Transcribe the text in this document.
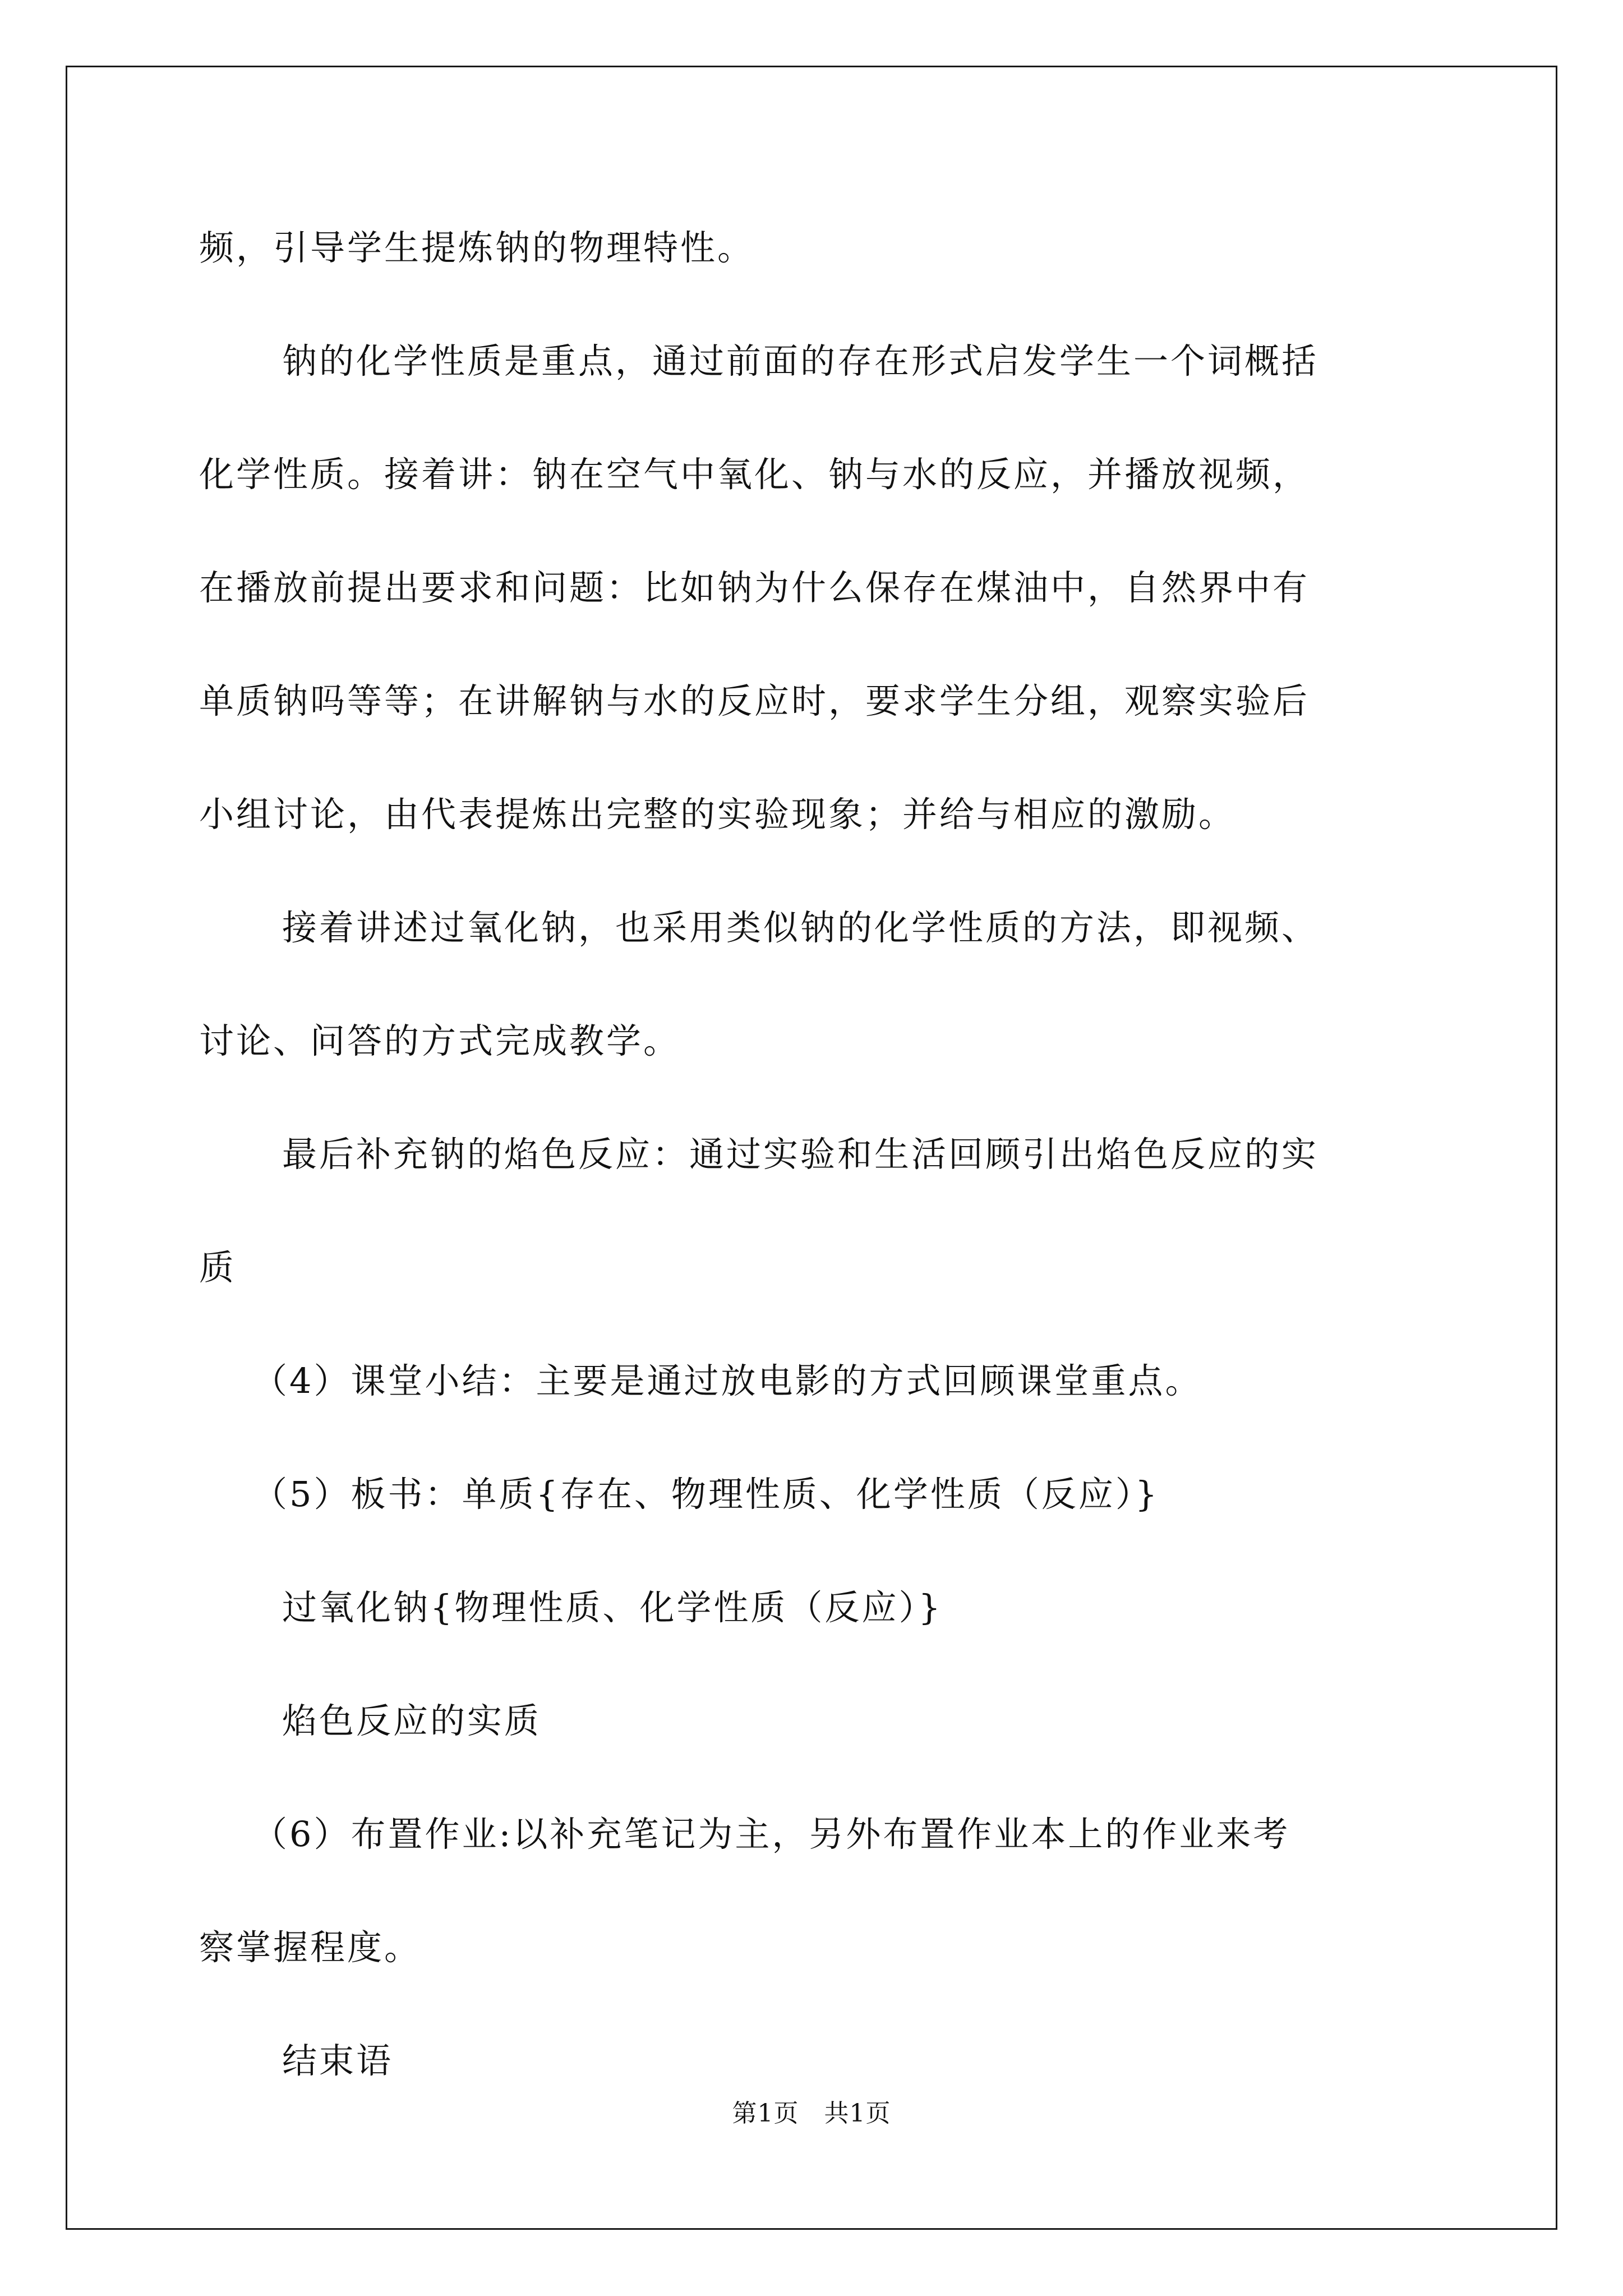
频，引导学生提炼钠的物理特性。
钠的化学性质是重点，通过前面的存在形式启发学生一个词概括
化学性质。接着讲：钠在空气中氧化、钠与水的反应，并播放视频，
在播放前提出要求和问题：比如钠为什么保存在煤油中，自然界中有
单质钠吗等等；在讲解钠与水的反应时，要求学生分组，观察实验后
小组讨论，由代表提炼出完整的实验现象；并给与相应的激励。
接着讲述过氧化钠，也采用类似钠的化学性质的方法，即视频、
讨论、问答的方式完成教学。
最后补充钠的焰色反应：通过实验和生活回顾引出焰色反应的实
质
（4）课堂小结：主要是通过放电影的方式回顾课堂重点。
（5）板书：单质{存在、物理性质、化学性质（反应）}
过氧化钠{物理性质、化学性质（反应）}
焰色反应的实质
（6）布置作业:以补充笔记为主，另外布置作业本上的作业来考
察掌握程度。
结束语
第1页　共1页
